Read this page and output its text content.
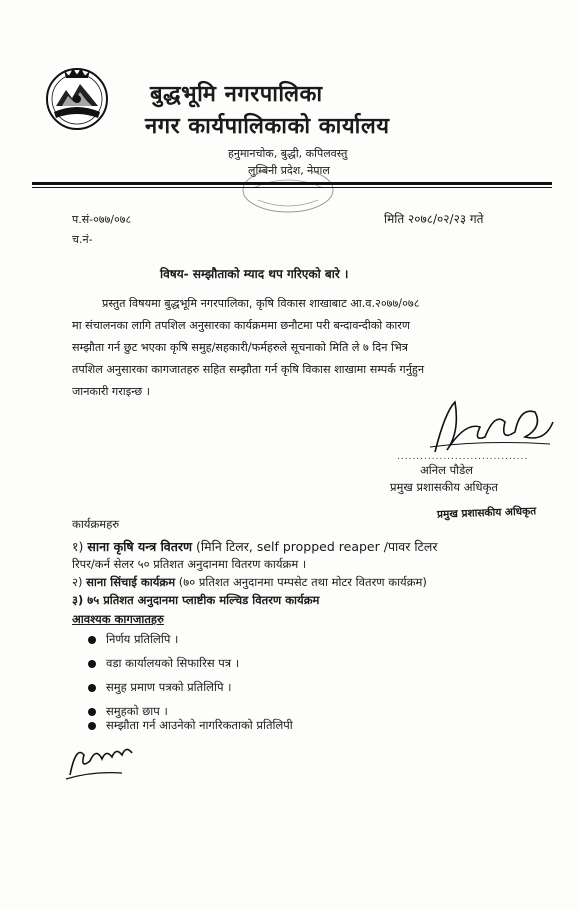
बुद्धभूमि नगरपालिका
नगर कार्यपालिकाको कार्यालय
हनुमानचोक, बुद्धी, कपिलवस्तु
लुम्बिनी प्रदेश, नेपाल
प.सं-०७७/०७८
च.नं-
मिति २०७८/०२/२३ गते
विषय- सम्झौताको म्याद थप गरिएको बारे ।
प्रस्तुत विषयमा बुद्धभूमि नगरपालिका, कृषि विकास शाखाबाट आ.व.२०७७/०७८
मा संचालनका लागि तपशिल अनुसारका कार्यक्रममा छनौटमा परी बन्दावन्दीको कारण
सम्झौता गर्न छुट भएका कृषि समुह/सहकारी/फर्महरुले सूचनाको मिति ले ७ दिन भित्र
तपशिल अनुसारका कागजातहरु सहित सम्झौता गर्न कृषि विकास शाखामा सम्पर्क गर्नुहुन
जानकारी गराइन्छ ।
..................................
अनिल पौडेल
प्रमुख प्रशासकीय अधिकृत
प्रमुख प्रशासकीय अधिकृत
कार्यक्रमहरु
१) साना कृषि यन्त्र वितरण (मिनि टिलर, self propped reaper /पावर टिलर
रिपर/कर्न सेलर ५० प्रतिशत अनुदानमा वितरण कार्यक्रम ।
२) साना सिंचाई कार्यक्रम (७० प्रतिशत अनुदानमा पम्पसेट तथा मोटर वितरण कार्यक्रम)
३) ७५ प्रतिशत अनुदानमा प्लाष्टीक मल्चिड वितरण कार्यक्रम
आवश्यक कागजातहरु
निर्णय प्रतिलिपि ।
वडा कार्यालयको सिफारिस पत्र ।
समुह प्रमाण पत्रको प्रतिलिपि ।
समुहको छाप ।
सम्झौता गर्न आउनेको नागरिकताको प्रतिलिपी
